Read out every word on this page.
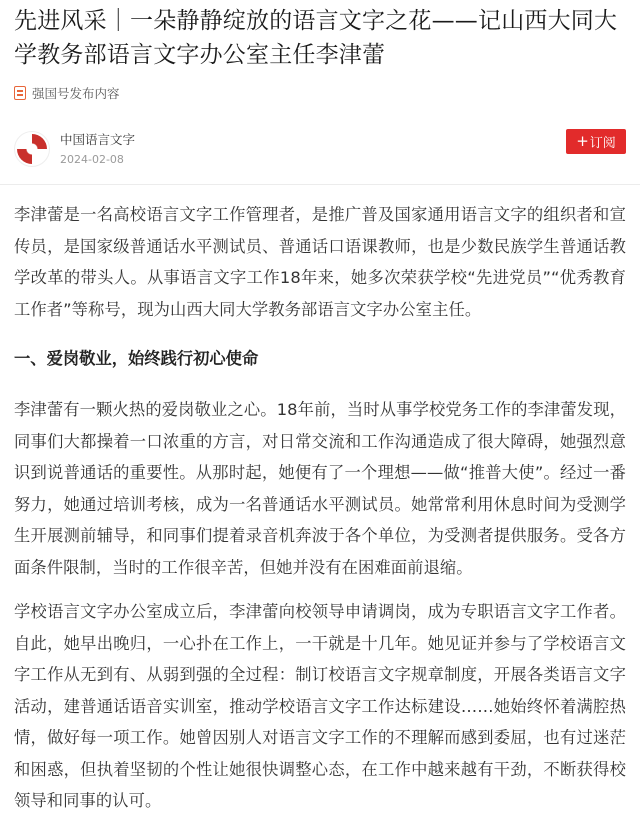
先进风采｜一朵静静绽放的语言文字之花——记山西大同大学教务部语言文字办公室主任李津蕾
强国号发布内容
中国语言文字
2024-02-08
+ 订阅

李津蕾是一名高校语言文字工作管理者，是推广普及国家通用语言文字的组织者和宣传员，是国家级普通话水平测试员、普通话口语课教师，也是少数民族学生普通话教学改革的带头人。从事语言文字工作18年来，她多次荣获学校“先进党员”“优秀教育工作者”等称号，现为山西大同大学教务部语言文字办公室主任。

一、爱岗敬业，始终践行初心使命

李津蕾有一颗火热的爱岗敬业之心。18年前，当时从事学校党务工作的李津蕾发现，同事们大都操着一口浓重的方言，对日常交流和工作沟通造成了很大障碍，她强烈意识到说普通话的重要性。从那时起，她便有了一个理想——做“推普大使”。经过一番努力，她通过培训考核，成为一名普通话水平测试员。她常常利用休息时间为受测学生开展测前辅导，和同事们提着录音机奔波于各个单位，为受测者提供服务。受各方面条件限制，当时的工作很辛苦，但她并没有在困难面前退缩。

学校语言文字办公室成立后，李津蕾向校领导申请调岗，成为专职语言文字工作者。自此，她早出晚归，一心扑在工作上，一干就是十几年。她见证并参与了学校语言文字工作从无到有、从弱到强的全过程：制订校语言文字规章制度，开展各类语言文字活动，建普通话语音实训室，推动学校语言文字工作达标建设……她始终怀着满腔热情，做好每一项工作。她曾因别人对语言文字工作的不理解而感到委屈，也有过迷茫和困惑，但执着坚韧的个性让她很快调整心态，在工作中越来越有干劲，不断获得校领导和同事的认可。
